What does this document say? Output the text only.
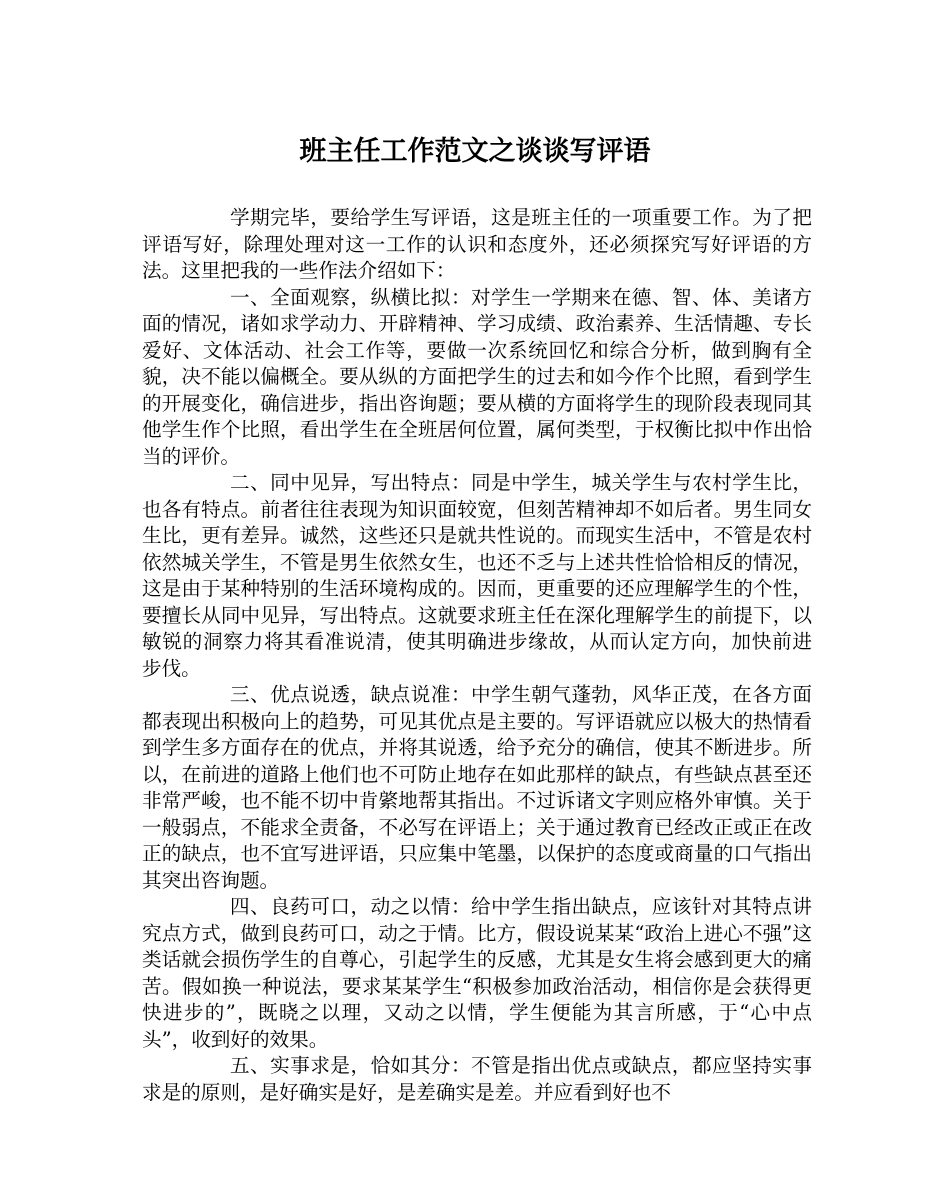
班主任工作范文之谈谈写评语

学期完毕，要给学生写评语，这是班主任的一项重要工作。为了把评语写好，除理处理对这一工作的认识和态度外，还必须探究写好评语的方法。这里把我的一些作法介绍如下：

一、全面观察，纵横比拟：对学生一学期来在德、智、体、美诸方面的情况，诸如求学动力、开辟精神、学习成绩、政治素养、生活情趣、专长爱好、文体活动、社会工作等，要做一次系统回忆和综合分析，做到胸有全貌，决不能以偏概全。要从纵的方面把学生的过去和如今作个比照，看到学生的开展变化，确信进步，指出咨询题；要从横的方面将学生的现阶段表现同其他学生作个比照，看出学生在全班居何位置，属何类型，于权衡比拟中作出恰当的评价。

二、同中见异，写出特点：同是中学生，城关学生与农村学生比，也各有特点。前者往往表现为知识面较宽，但刻苦精神却不如后者。男生同女生比，更有差异。诚然，这些还只是就共性说的。而现实生活中，不管是农村依然城关学生，不管是男生依然女生，也还不乏与上述共性恰恰相反的情况，这是由于某种特别的生活环境构成的。因而，更重要的还应理解学生的个性，要擅长从同中见异，写出特点。这就要求班主任在深化理解学生的前提下，以敏锐的洞察力将其看准说清，使其明确进步缘故，从而认定方向，加快前进 步伐。

三、优点说透，缺点说准：中学生朝气蓬勃，风华正茂，在各方面都表现出积极向上的趋势，可见其优点是主要的。写评语就应以极大的热情看到学生多方面存在的优点，并将其说透，给予充分的确信，使其不断进步。所以，在前进的道路上他们也不可防止地存在如此那样的缺点，有些缺点甚至还非常严峻，也不能不切中肯綮地帮其指出。不过诉诸文字则应格外审慎。关于一般弱点，不能求全责备，不必写在评语上；关于通过教育已经改正或正在改正的缺点，也不宜写进评语，只应集中笔墨，以保护的态度或商量的口气指出其突出咨询题。

四、良药可口，动之以情：给中学生指出缺点，应该针对其特点讲究点方式，做到良药可口，动之于情。比方，假设说某某“政治上进心不强”这类话就会损伤学生的自尊心，引起学生的反感，尤其是女生将会感到更大的痛苦。假如换一种说法，要求某某学生“积极参加政治活动，相信你是会获得更快进步的”，既晓之以理，又动之以情，学生便能为其言所感，于“心中点头”，收到好的效果。

五、实事求是，恰如其分：不管是指出优点或缺点，都应坚持实事求是的原则，是好确实是好，是差确实是差。并应看到好也不
